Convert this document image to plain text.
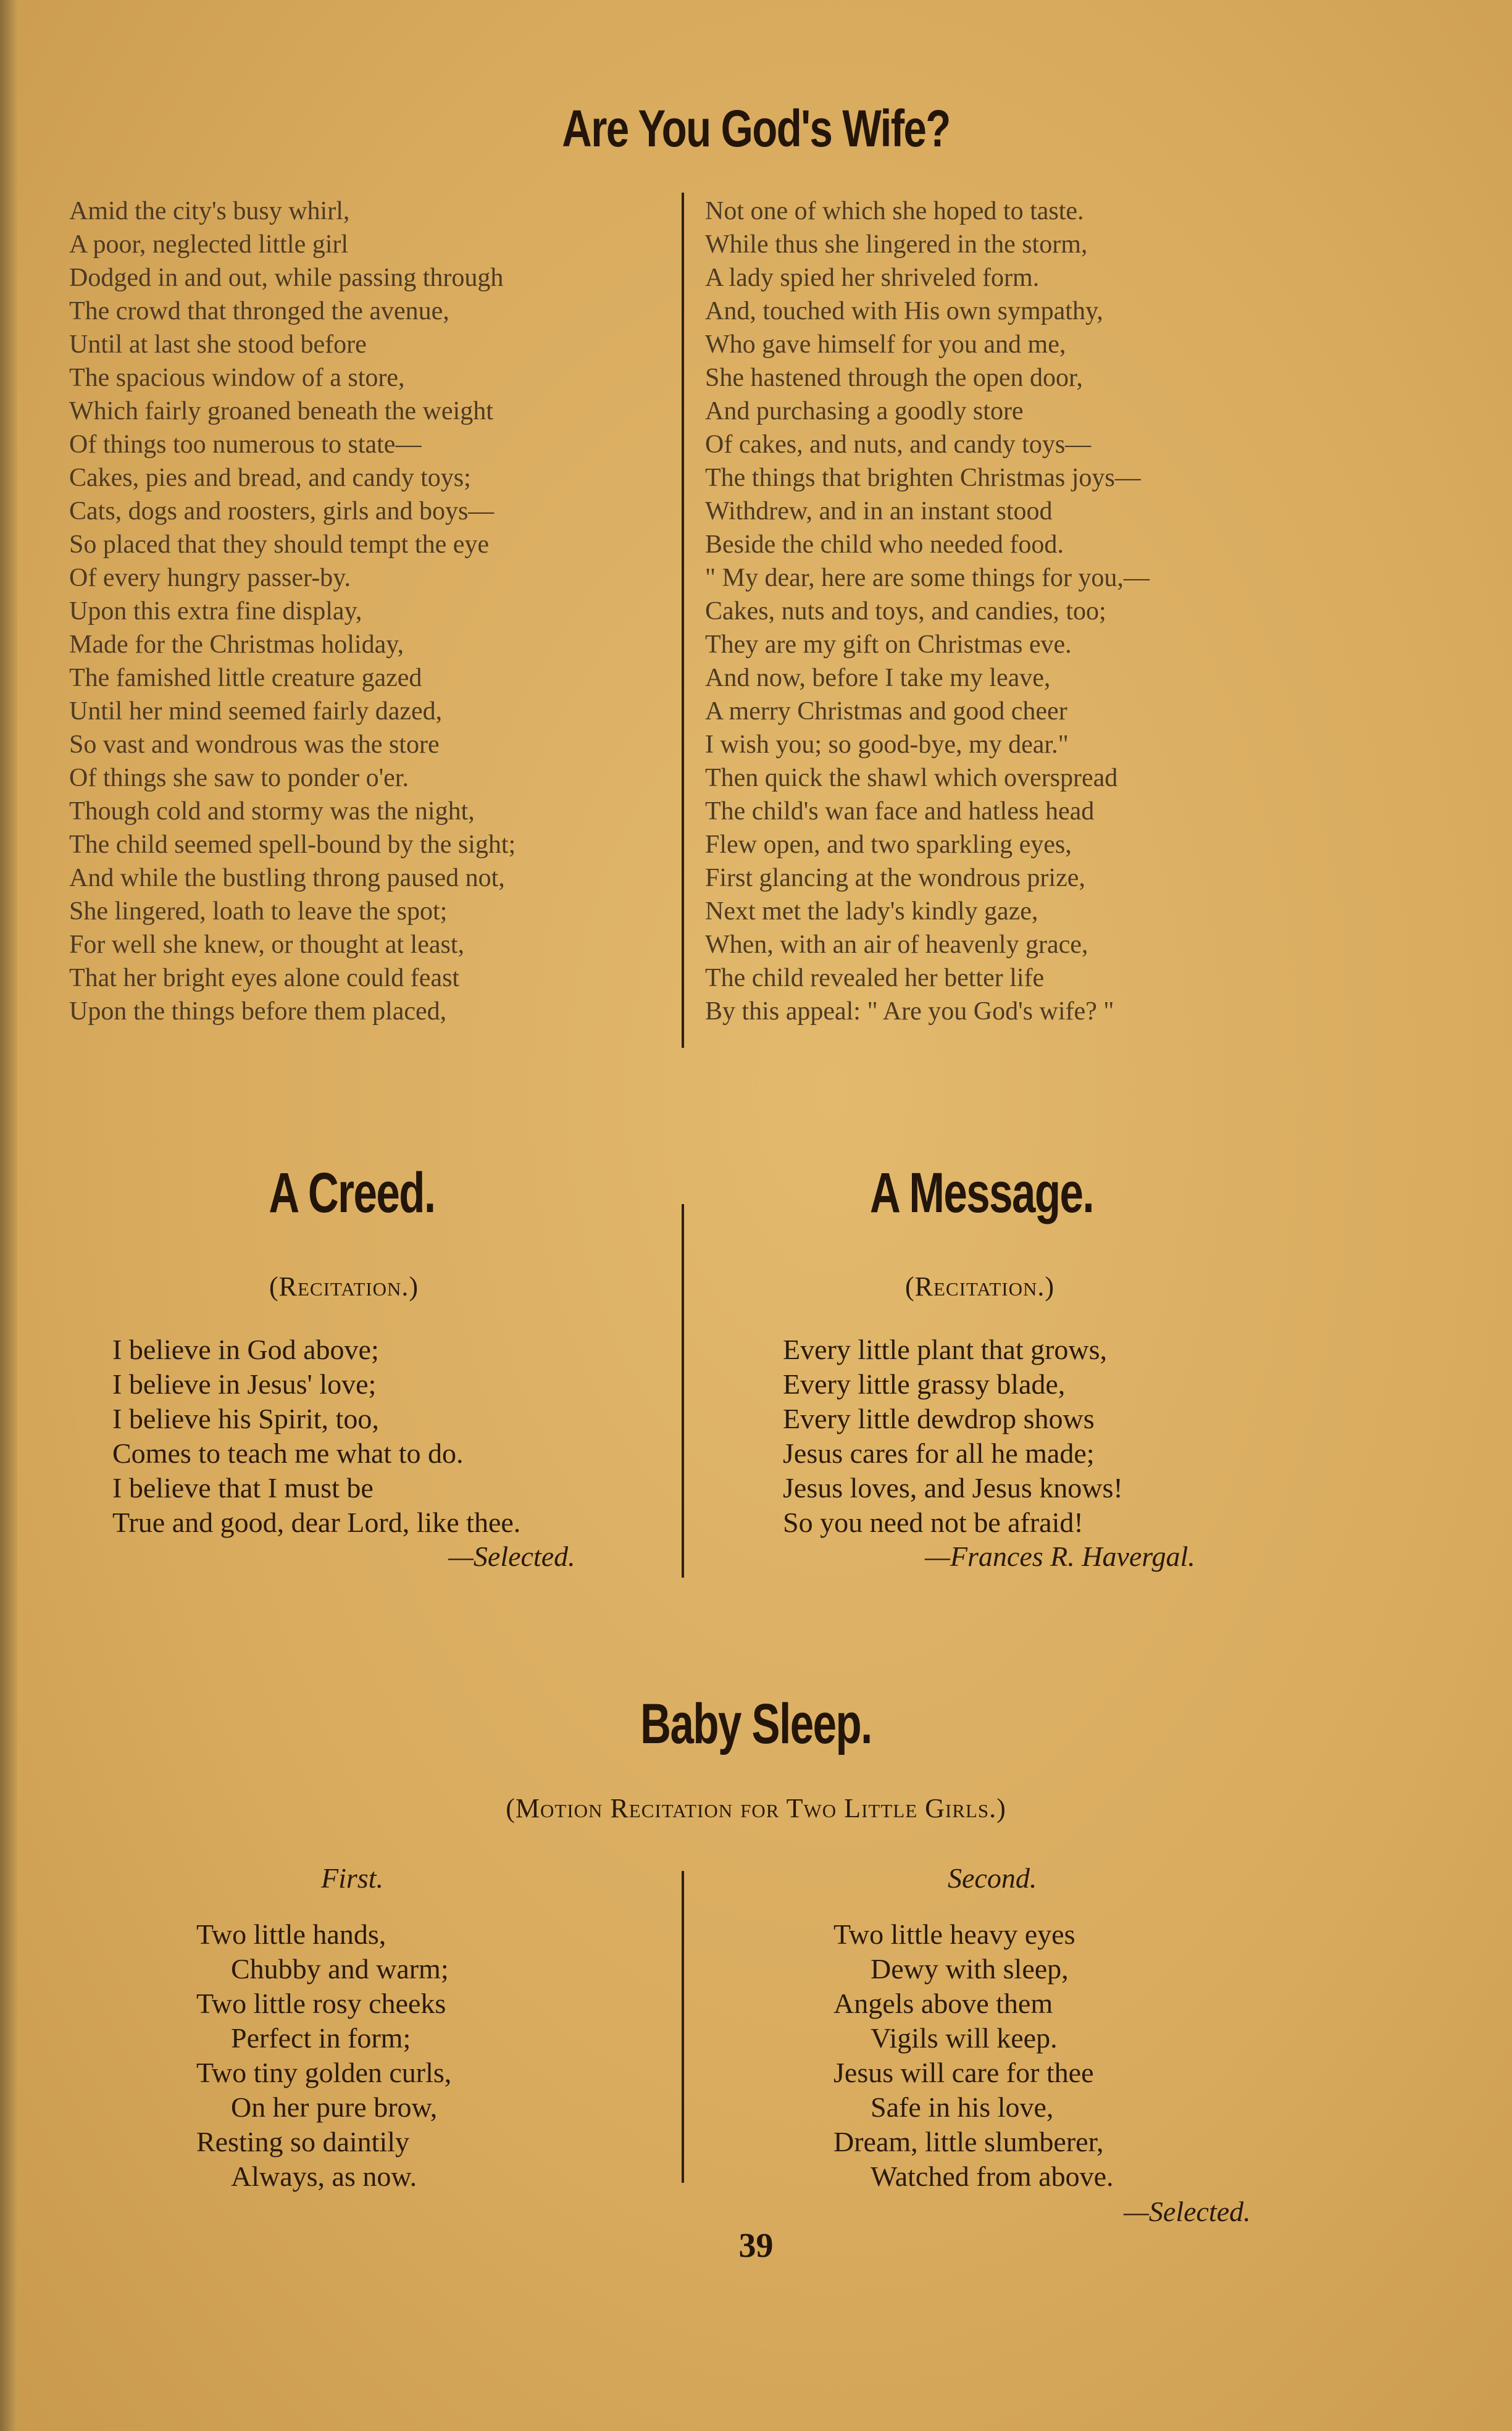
Are You God's Wife?
Amid the city's busy whirl,
A poor, neglected little girl
Dodged in and out, while passing through
The crowd that thronged the avenue,
Until at last she stood before
The spacious window of a store,
Which fairly groaned beneath the weight
Of things too numerous to state—
Cakes, pies and bread, and candy toys;
Cats, dogs and roosters, girls and boys—
So placed that they should tempt the eye
Of every hungry passer-by.
Upon this extra fine display,
Made for the Christmas holiday,
The famished little creature gazed
Until her mind seemed fairly dazed,
So vast and wondrous was the store
Of things she saw to ponder o'er.
Though cold and stormy was the night,
The child seemed spell-bound by the sight;
And while the bustling throng paused not,
She lingered, loath to leave the spot;
For well she knew, or thought at least,
That her bright eyes alone could feast
Upon the things before them placed,
Not one of which she hoped to taste.
While thus she lingered in the storm,
A lady spied her shriveled form.
And, touched with His own sympathy,
Who gave himself for you and me,
She hastened through the open door,
And purchasing a goodly store
Of cakes, and nuts, and candy toys—
The things that brighten Christmas joys—
Withdrew, and in an instant stood
Beside the child who needed food.
" My dear, here are some things for you,—
Cakes, nuts and toys, and candies, too;
They are my gift on Christmas eve.
And now, before I take my leave,
A merry Christmas and good cheer
I wish you; so good-bye, my dear."
Then quick the shawl which overspread
The child's wan face and hatless head
Flew open, and two sparkling eyes,
First glancing at the wondrous prize,
Next met the lady's kindly gaze,
When, with an air of heavenly grace,
The child revealed her better life
By this appeal: " Are you God's wife? "
A Creed.	A Message.
(Recitation.)	(Recitation.)
I believe in God above;
I believe in Jesus' love;
I believe his Spirit, too,
Comes to teach me what to do.
I believe that I must be
True and good, dear Lord, like thee.
Every little plant that grows,
Every little grassy blade,
Every little dewdrop shows
Jesus cares for all he made;
Jesus loves, and Jesus knows!
So you need not be afraid!
—Selected.	—Frances R. Havergal.
Baby Sleep.
(Motion Recitation for Two Little Girls.)
First.	Second.
Two little hands,
Chubby and warm;
Two little rosy cheeks
Perfect in form;
Two tiny golden curls,
On her pure brow,
Resting so daintily
Always, as now.
Two little heavy eyes
Dewy with sleep,
Angels above them
Vigils will keep.
Jesus will care for thee
Safe in his love,
Dream, little slumberer,
Watched from above.
—Selected.
39
